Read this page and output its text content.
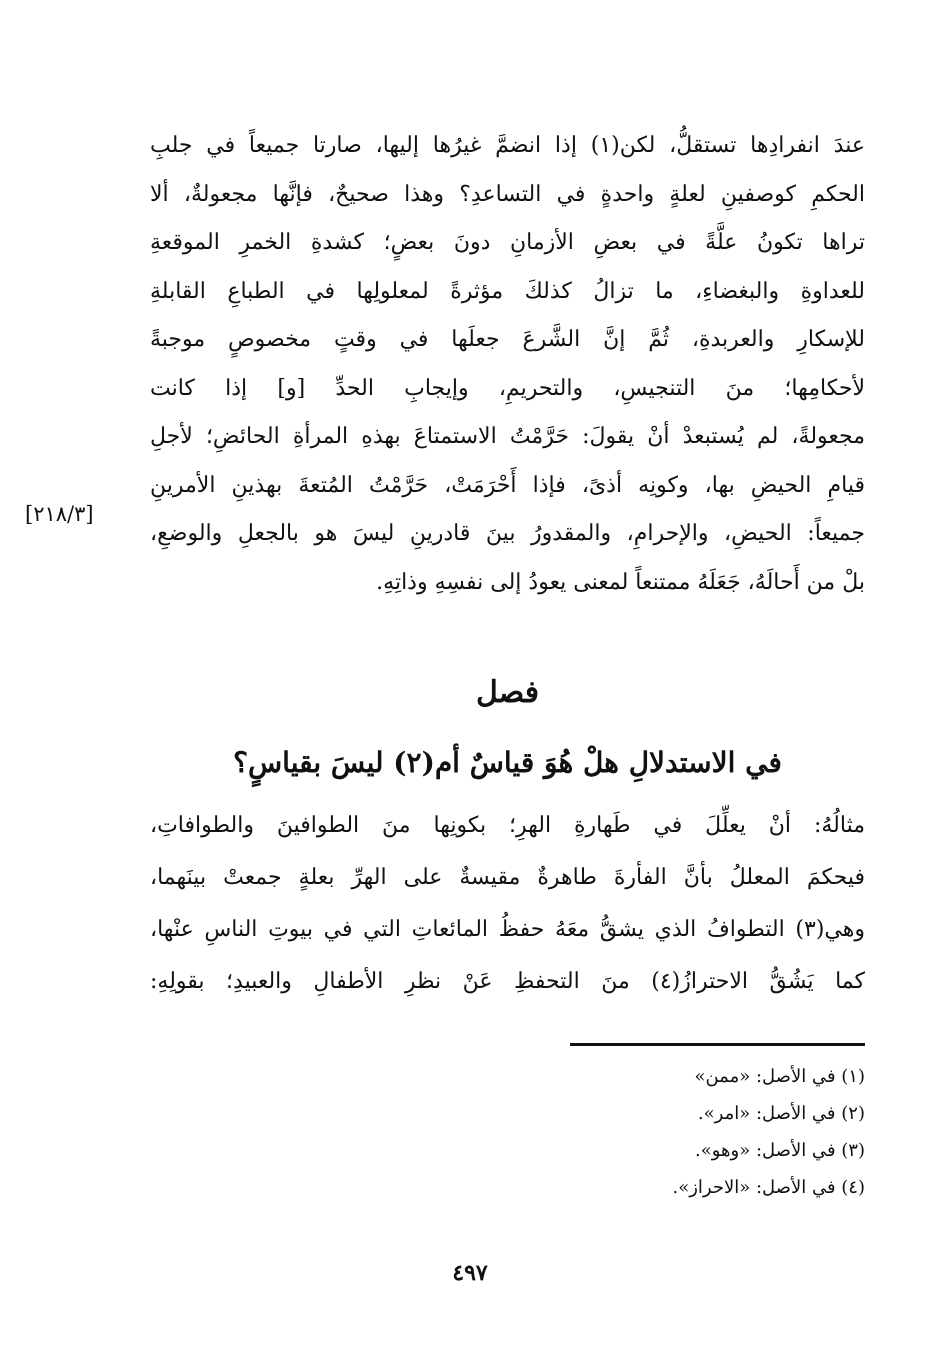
عندَ انفرادِها تستقلُّ، لكن(١) إذا انضمَّ غيرُها إليها، صارتا جميعاً في جلبِ
الحكمِ كوصفينِ لعلةٍ واحدةٍ في التساعدِ؟ وهذا صحيحٌ، فإنَّها مجعولةٌ، ألا
تراها تكونُ علَّةً في بعضِ الأزمانِ دونَ بعضٍ؛ كشدةِ الخمرِ الموقعةِ
للعداوةِ والبغضاءِ، ما تزالُ كذلكَ مؤثرةً لمعلولِها في الطباعِ القابلةِ
للإسكارِ والعربدةِ، ثُمَّ إنَّ الشَّرعَ جعلَها في وقتٍ مخصوصٍ موجبةً
لأحكامِها؛ منَ التنجيسِ، والتحريمِ، وإيجابِ الحدِّ [و] إذا كانت
مجعولةً، لم يُستبعدْ أنْ يقولَ: حَرَّمْتُ الاستمتاعَ بهذهِ المرأةِ الحائضِ؛ لأجلِ
قيامِ الحيضِ بها، وكونِه أذىً، فإذا أَحْرَمَتْ، حَرَّمْتُ المُتعةَ بهذينِ الأمرينِ
جميعاً: الحيضِ، والإحرامِ، والمقدورُ بينَ قادرينِ ليسَ هو بالجعلِ والوضعِ،
بلْ من أَحالَهُ، جَعَلَهُ ممتنعاً لمعنى يعودُ إلى نفسِهِ وذاتِهِ.
[٢١٨/٣]
فصل
في الاستدلالِ هلْ هُوَ قياسٌ أم(٢) ليسَ بقياسٍ؟
مثالُهُ: أنْ يعلِّلَ في طَهارةِ الهرِ؛ بكونِها منَ الطوافينَ والطوافاتِ،
فيحكمَ المعللُ بأنَّ الفأرةَ طاهرةٌ مقيسةٌ على الهرِّ بعلةٍ جمعتْ بينَهما،
وهي(٣) التطوافُ الذي يشقُّ معَهُ حفظُ المائعاتِ التي في بيوتِ الناسِ عنْها،
كما يَشُقُّ الاحترازُ(٤) منَ التحفظِ عَنْ نظرِ الأطفالِ والعبيدِ؛ بقولِهِ:
(١) في الأصل: «ممن»
(٢) في الأصل: «امر».
(٣) في الأصل: «وهو».
(٤) في الأصل: «الاحراز».
٤٩٧
